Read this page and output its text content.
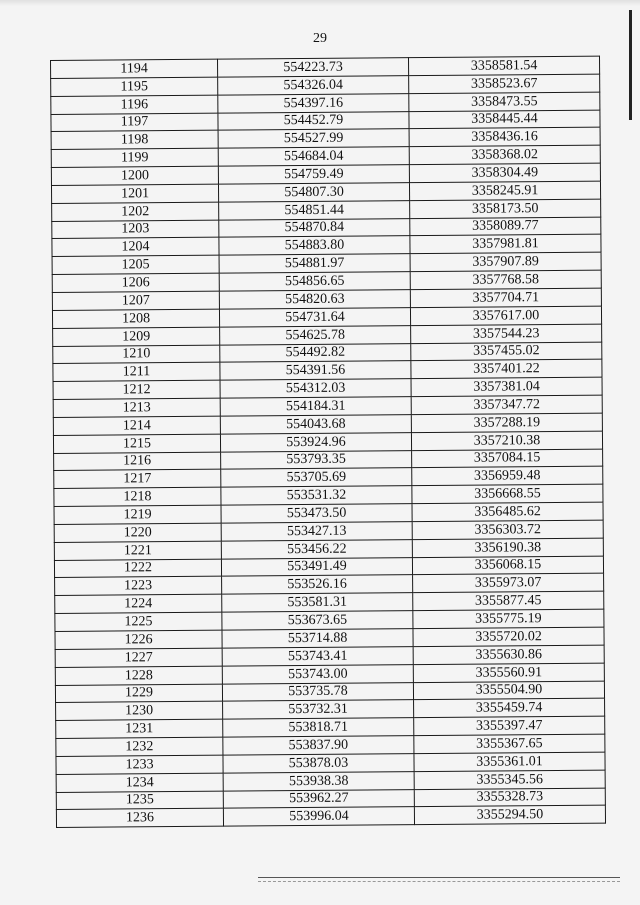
29
1194	554223.73	3358581.54
1195	554326.04	3358523.67
1196	554397.16	3358473.55
1197	554452.79	3358445.44
1198	554527.99	3358436.16
1199	554684.04	3358368.02
1200	554759.49	3358304.49
1201	554807.30	3358245.91
1202	554851.44	3358173.50
1203	554870.84	3358089.77
1204	554883.80	3357981.81
1205	554881.97	3357907.89
1206	554856.65	3357768.58
1207	554820.63	3357704.71
1208	554731.64	3357617.00
1209	554625.78	3357544.23
1210	554492.82	3357455.02
1211	554391.56	3357401.22
1212	554312.03	3357381.04
1213	554184.31	3357347.72
1214	554043.68	3357288.19
1215	553924.96	3357210.38
1216	553793.35	3357084.15
1217	553705.69	3356959.48
1218	553531.32	3356668.55
1219	553473.50	3356485.62
1220	553427.13	3356303.72
1221	553456.22	3356190.38
1222	553491.49	3356068.15
1223	553526.16	3355973.07
1224	553581.31	3355877.45
1225	553673.65	3355775.19
1226	553714.88	3355720.02
1227	553743.41	3355630.86
1228	553743.00	3355560.91
1229	553735.78	3355504.90
1230	553732.31	3355459.74
1231	553818.71	3355397.47
1232	553837.90	3355367.65
1233	553878.03	3355361.01
1234	553938.38	3355345.56
1235	553962.27	3355328.73
1236	553996.04	3355294.50
